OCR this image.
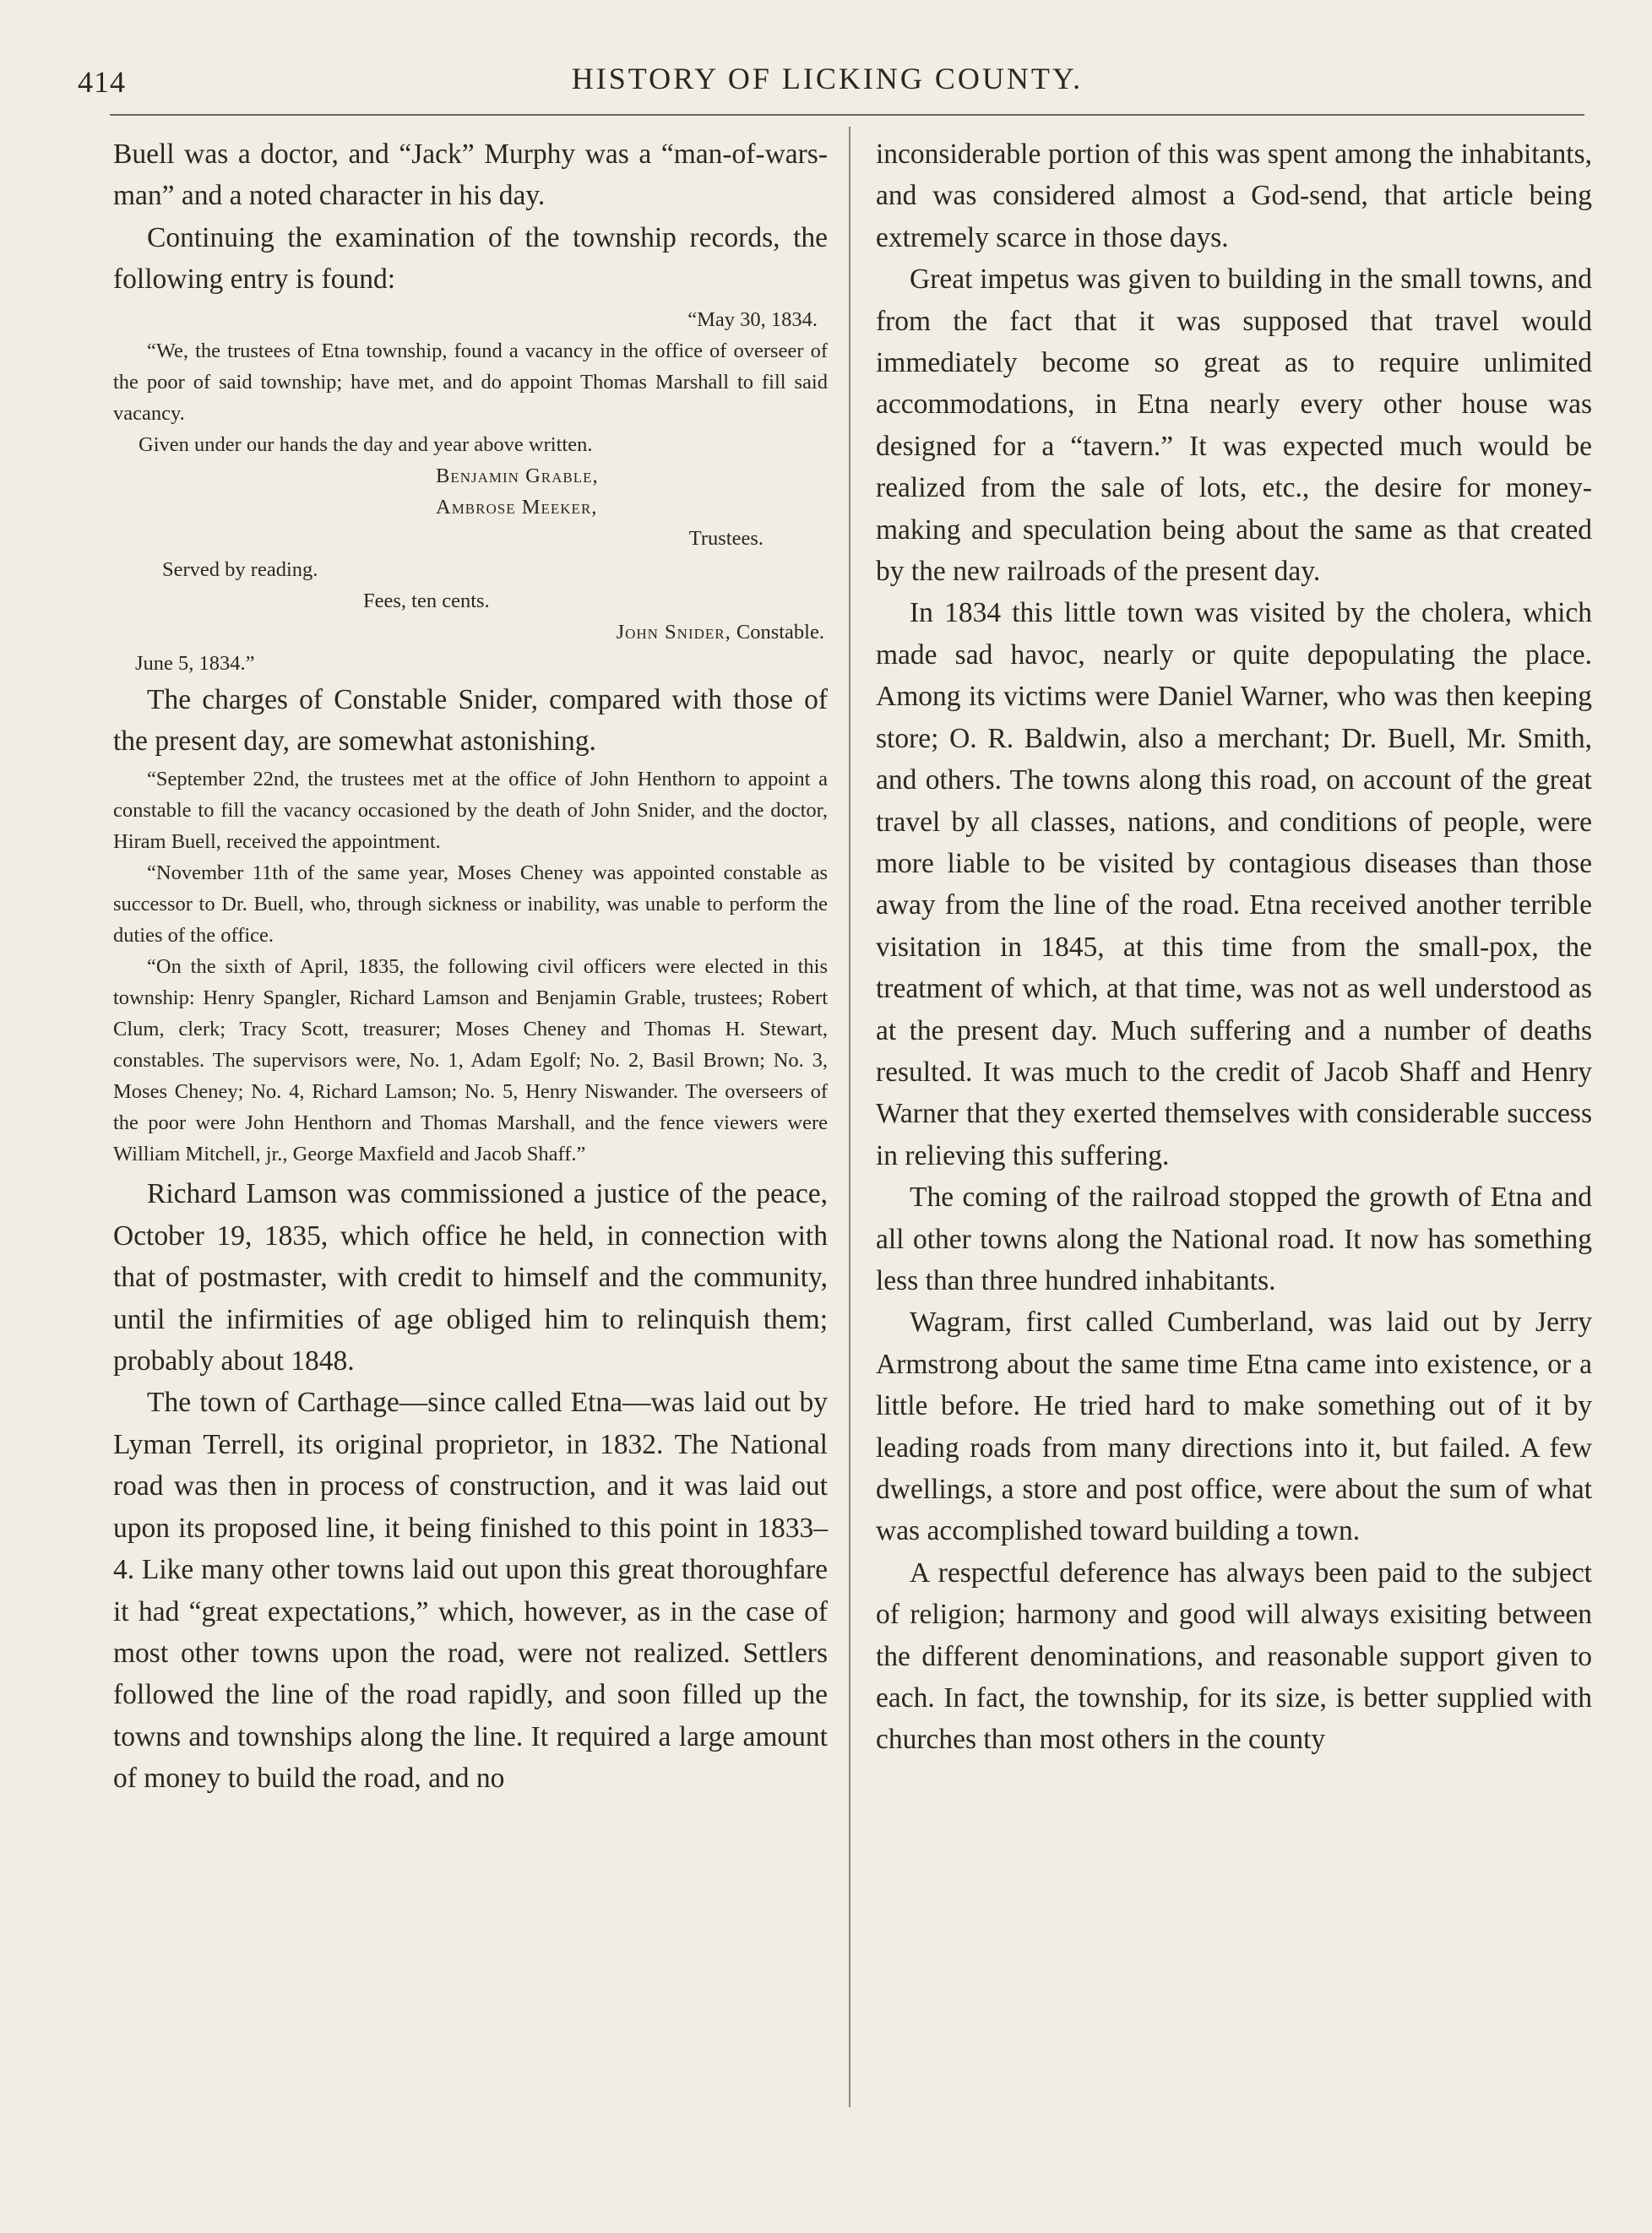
414	HISTORY OF LICKING COUNTY.

Buell was a doctor, and “Jack” Murphy was a “man-of-wars-man” and a noted character in his day.

Continuing the examination of the township records, the following entry is found:

“May 30, 1834.

“We, the trustees of Etna township, found a vacancy in the office of overseer of the poor of said township; have met, and do appoint Thomas Marshall to fill said vacancy.

Given under our hands the day and year above written.

Benjamin Grable,

Ambrose Meeker,

Trustees.

Served by reading.

Fees, ten cents.

John Snider, Constable.

June 5, 1834.”

The charges of Constable Snider, compared with those of the present day, are somewhat astonishing.

“September 22nd, the trustees met at the office of John Henthorn to appoint a constable to fill the vacancy occasioned by the death of John Snider, and the doctor, Hiram Buell, received the appointment.

“November 11th of the same year, Moses Cheney was appointed constable as successor to Dr. Buell, who, through sickness or inability, was unable to perform the duties of the office.

“On the sixth of April, 1835, the following civil officers were elected in this township: Henry Spangler, Richard Lamson and Benjamin Grable, trustees; Robert Clum, clerk; Tracy Scott, treasurer; Moses Cheney and Thomas H. Stewart, constables. The supervisors were, No. 1, Adam Egolf; No. 2, Basil Brown; No. 3, Moses Cheney; No. 4, Richard Lamson; No. 5, Henry Niswander. The overseers of the poor were John Henthorn and Thomas Marshall, and the fence viewers were William Mitchell, jr., George Maxfield and Jacob Shaff.”

Richard Lamson was commissioned a justice of the peace, October 19, 1835, which office he held, in connection with that of postmaster, with credit to himself and the community, until the infirmities of age obliged him to relinquish them; probably about 1848.

The town of Carthage—since called Etna—was laid out by Lyman Terrell, its original proprietor, in 1832. The National road was then in process of construction, and it was laid out upon its proposed line, it being finished to this point in 1833–4. Like many other towns laid out upon this great thoroughfare it had “great expectations,” which, however, as in the case of most other towns upon the road, were not realized. Settlers followed the line of the road rapidly, and soon filled up the towns and townships along the line. It required a large amount of money to build the road, and no

inconsiderable portion of this was spent among the inhabitants, and was considered almost a God-send, that article being extremely scarce in those days.

Great impetus was given to building in the small towns, and from the fact that it was supposed that travel would immediately become so great as to require unlimited accommodations, in Etna nearly every other house was designed for a “tavern.” It was expected much would be realized from the sale of lots, etc., the desire for money-making and speculation being about the same as that created by the new railroads of the present day.

In 1834 this little town was visited by the cholera, which made sad havoc, nearly or quite depopulating the place. Among its victims were Daniel Warner, who was then keeping store; O. R. Baldwin, also a merchant; Dr. Buell, Mr. Smith, and others. The towns along this road, on account of the great travel by all classes, nations, and conditions of people, were more liable to be visited by contagious diseases than those away from the line of the road. Etna received another terrible visitation in 1845, at this time from the small-pox, the treatment of which, at that time, was not as well understood as at the present day. Much suffering and a number of deaths resulted. It was much to the credit of Jacob Shaff and Henry Warner that they exerted themselves with considerable success in relieving this suffering.

The coming of the railroad stopped the growth of Etna and all other towns along the National road. It now has something less than three hundred inhabitants.

Wagram, first called Cumberland, was laid out by Jerry Armstrong about the same time Etna came into existence, or a little before. He tried hard to make something out of it by leading roads from many directions into it, but failed. A few dwellings, a store and post office, were about the sum of what was accomplished toward building a town.

A respectful deference has always been paid to the subject of religion; harmony and good will always exisiting between the different denominations, and reasonable support given to each. In fact, the township, for its size, is better supplied with churches than most others in the county
